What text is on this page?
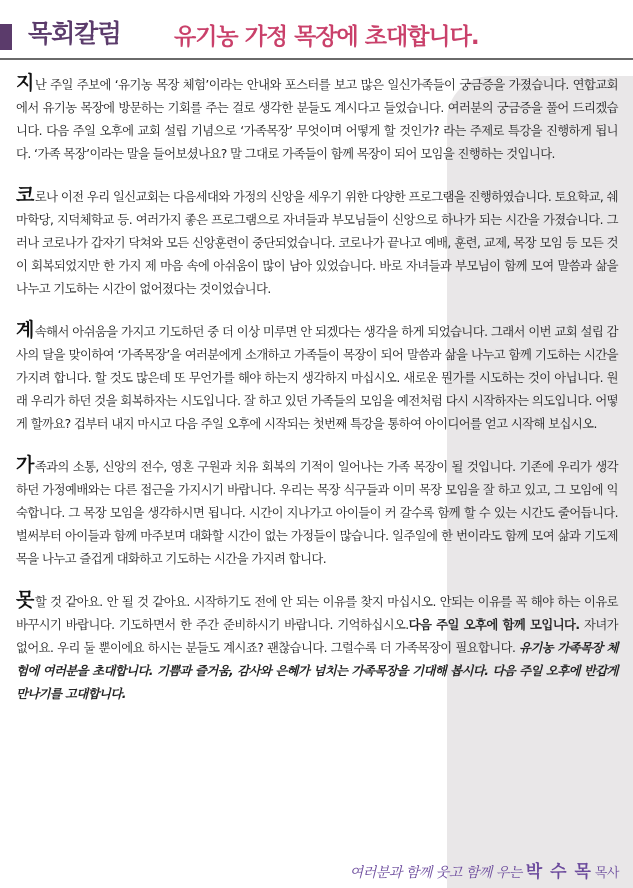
목회칼럼 유기농 가정 목장에 초대합니다.

지난 주일 주보에 ‘유기농 목장 체험’이라는 안내와 포스터를 보고 많은 일신가족들이 궁금증을 가졌습니다. 연합교회에서 유기농 목장에 방문하는 기회를 주는 걸로 생각한 분들도 계시다고 들었습니다. 여러분의 궁금증을 풀어 드리겠습니다. 다음 주일 오후에 교회 설립 기념으로 ‘가족목장’ 무엇이며 어떻게 할 것인가? 라는 주제로 특강을 진행하게 됩니다. ‘가족 목장’이라는 말을 들어보셨나요? 말 그대로 가족들이 함께 목장이 되어 모임을 진행하는 것입니다.

코로나 이전 우리 일신교회는 다음세대와 가정의 신앙을 세우기 위한 다양한 프로그램을 진행하였습니다. 토요학교, 쉐마학당, 지덕체학교 등. 여러가지 좋은 프로그램으로 자녀들과 부모님들이 신앙으로 하나가 되는 시간을 가졌습니다. 그러나 코로나가 갑자기 닥쳐와 모든 신앙훈련이 중단되었습니다. 코로나가 끝나고 예배, 훈련, 교제, 목장 모임 등 모든 것이 회복되었지만 한 가지 제 마음 속에 아쉬움이 많이 남아 있었습니다. 바로 자녀들과 부모님이 함께 모여 말씀과 삶을 나누고 기도하는 시간이 없어졌다는 것이었습니다.

계속해서 아쉬움을 가지고 기도하던 중 더 이상 미루면 안 되겠다는 생각을 하게 되었습니다. 그래서 이번 교회 설립 감사의 달을 맞이하여 ‘가족목장’을 여러분에게 소개하고 가족들이 목장이 되어 말씀과 삶을 나누고 함께 기도하는 시간을 가지려 합니다. 할 것도 많은데 또 무언가를 해야 하는지 생각하지 마십시오. 새로운 뭔가를 시도하는 것이 아닙니다. 원래 우리가 하던 것을 회복하자는 시도입니다. 잘 하고 있던 가족들의 모임을 예전처럼 다시 시작하자는 의도입니다. 어떻게 할까요? 겁부터 내지 마시고 다음 주일 오후에 시작되는 첫번째 특강을 통하여 아이디어를 얻고 시작해 보십시오.

가족과의 소통, 신앙의 전수, 영혼 구원과 치유 회복의 기적이 일어나는 가족 목장이 될 것입니다. 기존에 우리가 생각하던 가정예배와는 다른 접근을 가지시기 바랍니다. 우리는 목장 식구들과 이미 목장 모임을 잘 하고 있고, 그 모임에 익숙합니다. 그 목장 모임을 생각하시면 됩니다. 시간이 지나가고 아이들이 커 갈수록 함께 할 수 있는 시간도 줄어듭니다. 벌써부터 아이들과 함께 마주보며 대화할 시간이 없는 가정들이 많습니다. 일주일에 한 번이라도 함께 모여 삶과 기도제목을 나누고 즐겁게 대화하고 기도하는 시간을 가지려 합니다.

못할 것 같아요. 안 될 것 같아요. 시작하기도 전에 안 되는 이유를 찾지 마십시오. 안되는 이유를 꼭 해야 하는 이유로 바꾸시기 바랍니다. 기도하면서 한 주간 준비하시기 바랍니다. 기억하십시오.다음 주일 오후에 함께 모입니다. 자녀가 없어요. 우리 둘 뿐이에요 하시는 분들도 계시죠? 괜찮습니다. 그럴수록 더 가족목장이 필요합니다. 유기농 가족목장 체험에 여러분을 초대합니다. 기쁨과 즐거움, 감사와 은혜가 넘치는 가족목장을 기대해 봅시다. 다음 주일 오후에 반갑게 만나기를 고대합니다.

여러분과 함께 웃고 함께 우는 박 수 목 목사
